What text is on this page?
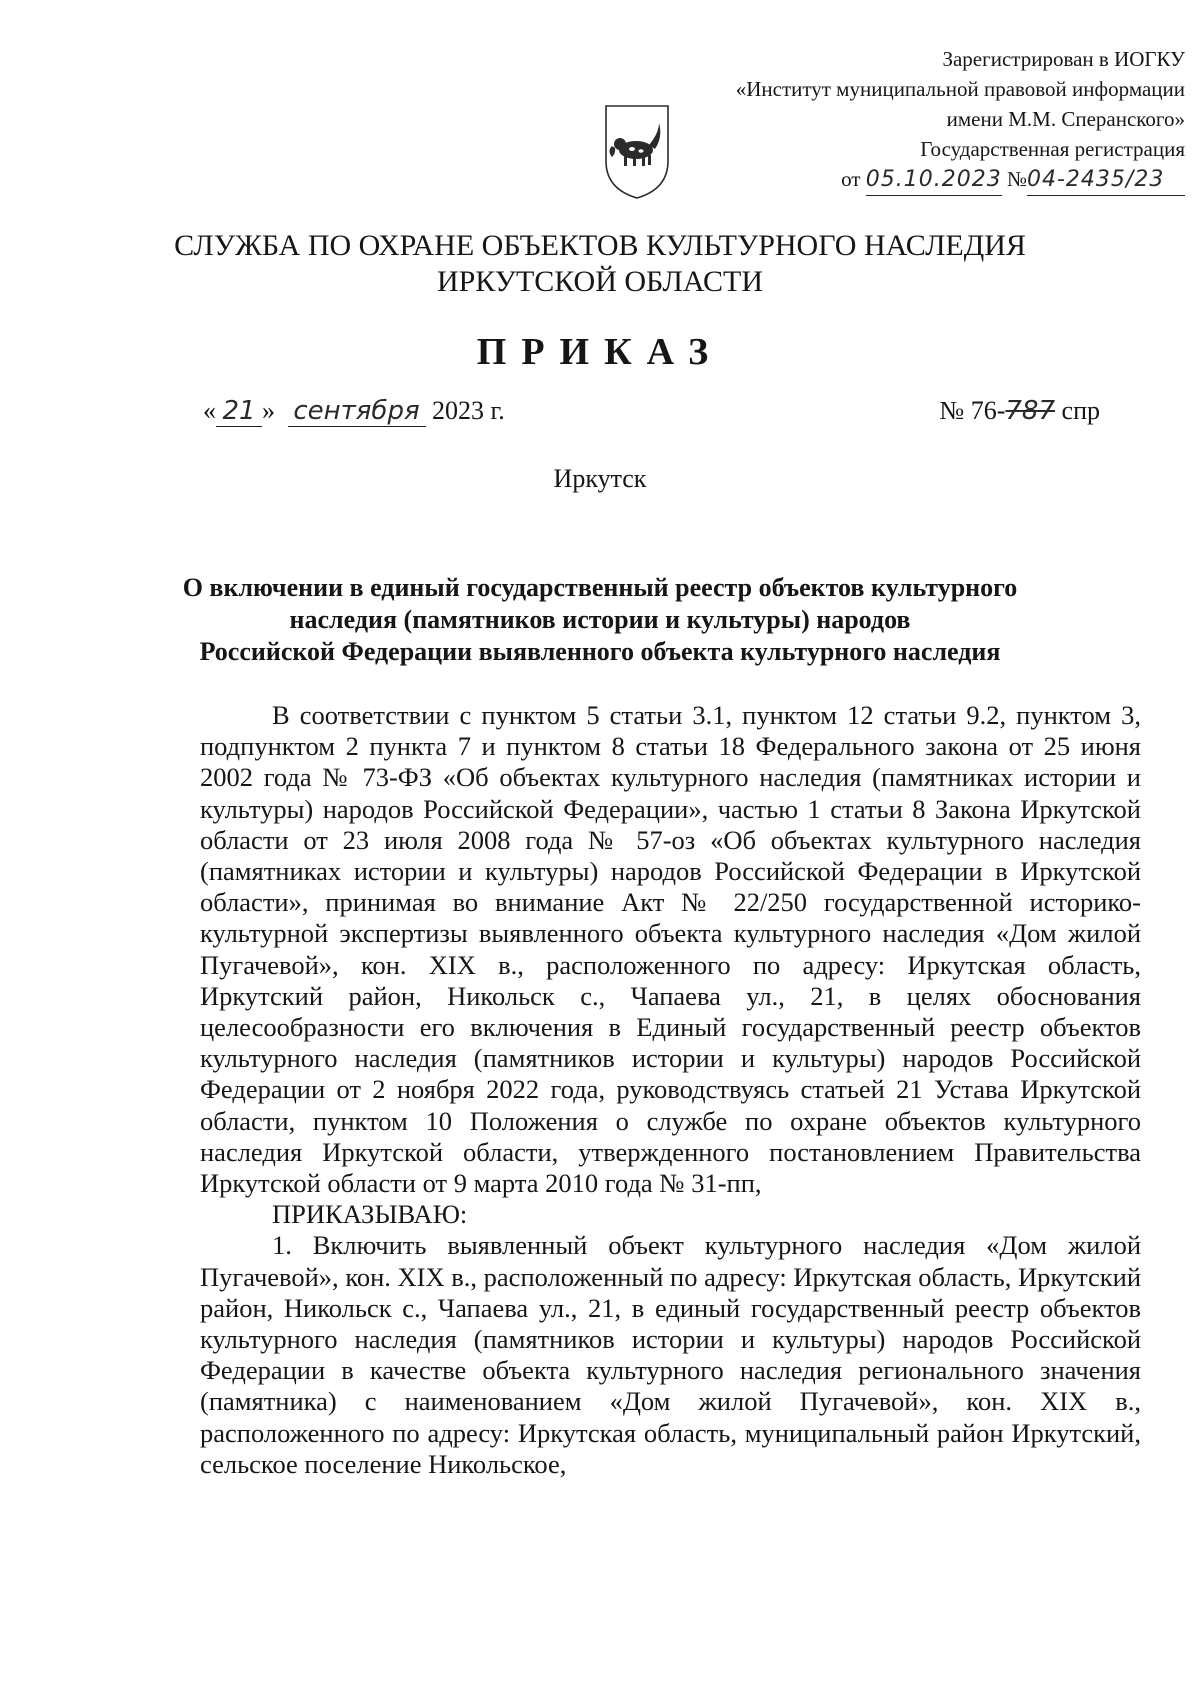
Зарегистрирован в ИОГКУ
«Институт муниципальной правовой информации
имени М.М. Сперанского»
Государственная регистрация
от 05.10.2023 №04-2435/23
СЛУЖБА ПО ОХРАНЕ ОБЪЕКТОВ КУЛЬТУРНОГО НАСЛЕДИЯ
ИРКУТСКОЙ ОБЛАСТИ
ПРИКАЗ
« 21 » сентября 2023 г.	№ 76-787 спр
Иркутск
О включении в единый государственный реестр объектов культурного
наследия (памятников истории и культуры) народов
Российской Федерации выявленного объекта культурного наследия

В соответствии с пунктом 5 статьи 3.1, пунктом 12 статьи 9.2, пунктом 3, подпунктом 2 пункта 7 и пунктом 8 статьи 18 Федерального закона от 25 июня 2002 года № 73-ФЗ «Об объектах культурного наследия (памятниках истории и культуры) народов Российской Федерации», частью 1 статьи 8 Закона Иркутской области от 23 июля 2008 года № 57-оз «Об объектах культурного наследия (памятниках истории и культуры) народов Российской Федерации в Иркутской области», принимая во внимание Акт № 22/250 государственной историко-культурной экспертизы выявленного объекта культурного наследия «Дом жилой Пугачевой», кон. XIX в., расположенного по адресу: Иркутская область, Иркутский район, Никольск с., Чапаева ул., 21, в целях обоснования целесообразности его включения в Единый государственный реестр объектов культурного наследия (памятников истории и культуры) народов Российской Федерации от 2 ноября 2022 года, руководствуясь статьей 21 Устава Иркутской области, пунктом 10 Положения о службе по охране объектов культурного наследия Иркутской области, утвержденного постановлением Правительства Иркутской области от 9 марта 2010 года № 31-пп,

ПРИКАЗЫВАЮ:

1. Включить выявленный объект культурного наследия «Дом жилой Пугачевой», кон. XIX в., расположенный по адресу: Иркутская область, Иркутский район, Никольск с., Чапаева ул., 21, в единый государственный реестр объектов культурного наследия (памятников истории и культуры) народов Российской Федерации в качестве объекта культурного наследия регионального значения (памятника) с наименованием «Дом жилой Пугачевой», кон. XIX в., расположенного по адресу: Иркутская область, муниципальный район Иркутский, сельское поселение Никольское,
